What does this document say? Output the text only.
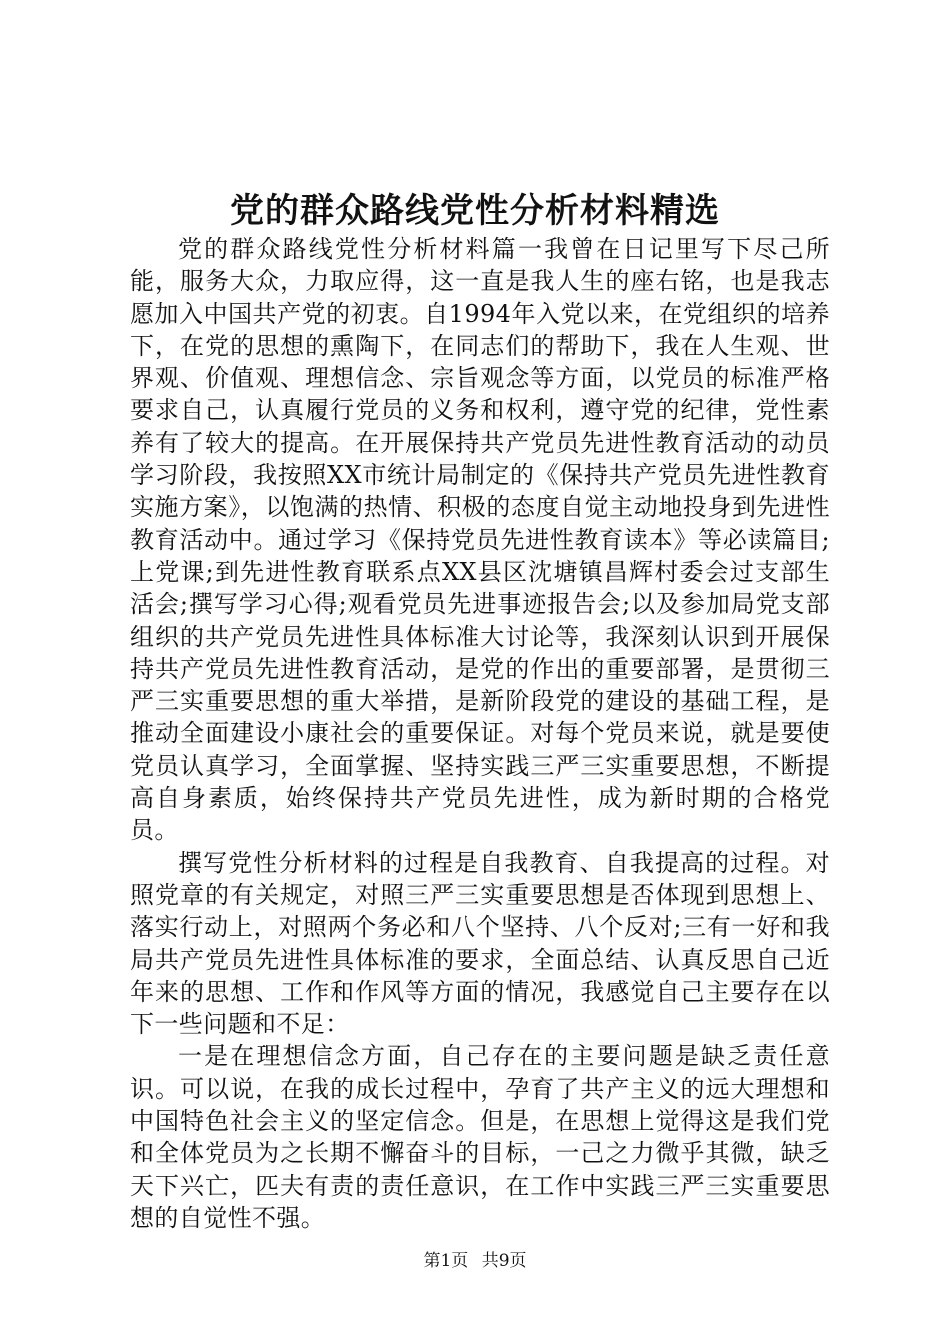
党的群众路线党性分析材料精选

党的群众路线党性分析材料篇一我曾在日记里写下尽己所能，服务大众，力取应得，这一直是我人生的座右铭，也是我志愿加入中国共产党的初衷。自1994年入党以来，在党组织的培养下，在党的思想的熏陶下，在同志们的帮助下，我在人生观、世界观、价值观、理想信念、宗旨观念等方面，以党员的标准严格要求自己，认真履行党员的义务和权利，遵守党的纪律，党性素养有了较大的提高。在开展保持共产党员先进性教育活动的动员学习阶段，我按照XX市统计局制定的《保持共产党员先进性教育实施方案》，以饱满的热情、积极的态度自觉主动地投身到先进性教育活动中。通过学习《保持党员先进性教育读本》等必读篇目;上党课;到先进性教育联系点XX县区沈塘镇昌辉村委会过支部生活会;撰写学习心得;观看党员先进事迹报告会;以及参加局党支部组织的共产党员先进性具体标准大讨论等，我深刻认识到开展保持共产党员先进性教育活动，是党的作出的重要部署，是贯彻三严三实重要思想的重大举措，是新阶段党的建设的基础工程，是推动全面建设小康社会的重要保证。对每个党员来说，就是要使党员认真学习，全面掌握、坚持实践三严三实重要思想，不断提高自身素质，始终保持共产党员先进性，成为新时期的合格党员。

撰写党性分析材料的过程是自我教育、自我提高的过程。对照党章的有关规定，对照三严三实重要思想是否体现到思想上、落实行动上，对照两个务必和八个坚持、八个反对;三有一好和我局共产党员先进性具体标准的要求，全面总结、认真反思自己近年来的思想、工作和作风等方面的情况，我感觉自己主要存在以下一些问题和不足：

一是在理想信念方面，自己存在的主要问题是缺乏责任意识。可以说，在我的成长过程中，孕育了共产主义的远大理想和中国特色社会主义的坚定信念。但是，在思想上觉得这是我们党和全体党员为之长期不懈奋斗的目标，一己之力微乎其微，缺乏天下兴亡，匹夫有责的责任意识，在工作中实践三严三实重要思想的自觉性不强。

第1页 共9页
